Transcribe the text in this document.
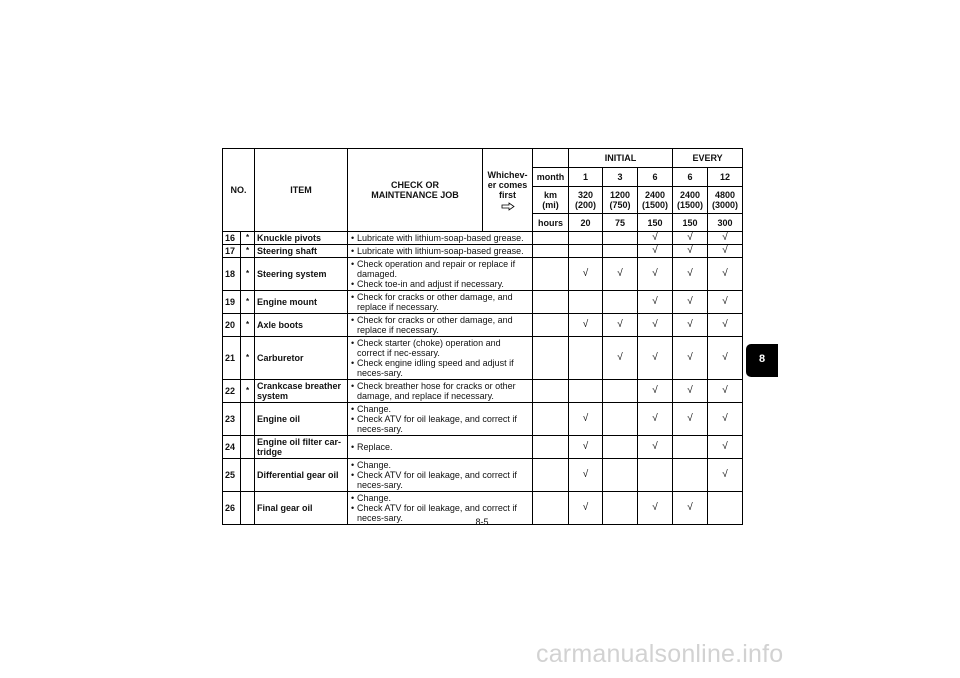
NO.		ITEM	CHECK OR MAINTENANCE JOB	Whichev-er comes first		INITIAL			EVERY	
					month	1	3	6	6	12
					km (mi)	320 (200)	1200 (750)	2400 (1500)	2400 (1500)	4800 (3000)
					hours	20	75	150	150	300
16	*	Knuckle pivots	• Lubricate with lithium-soap-based grease.					√	√	√
17	*	Steering shaft	• Lubricate with lithium-soap-based grease.					√	√	√
18	*	Steering system	• Check operation and repair or replace if damaged.
• Check toe-in and adjust if necessary.			√	√	√	√	√
19	*	Engine mount	• Check for cracks or other damage, and replace if necessary.					√	√	√
20	*	Axle boots	• Check for cracks or other damage, and replace if necessary.			√	√	√	√	√
21	*	Carburetor	• Check starter (choke) operation and correct if nec-essary.
• Check engine idling speed and adjust if neces-sary.				√	√	√	√
22	*	Crankcase breather system	• Check breather hose for cracks or other damage, and replace if necessary.					√	√	√
23		Engine oil	• Change.
• Check ATV for oil leakage, and correct if neces-sary.			√		√	√	√
24		Engine oil filter car-tridge	• Replace.			√		√		√
25		Differential gear oil	• Change.
• Check ATV for oil leakage, and correct if neces-sary.			√				√
26		Final gear oil	• Change.
• Check ATV for oil leakage, and correct if neces-sary.			√		√	√	
8
8-5
carmanualsonline.info
